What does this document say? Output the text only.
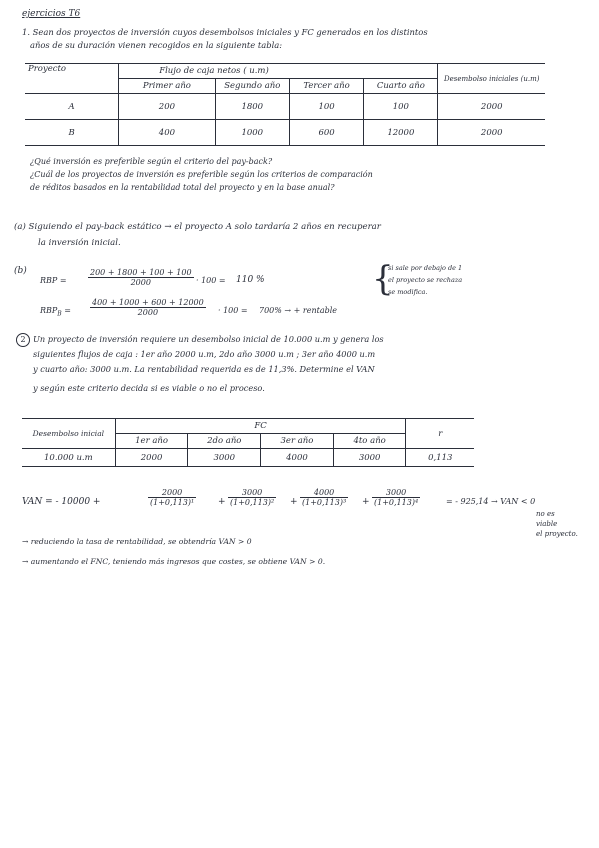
ejercicios T6
1. Sean dos proyectos de inversión cuyos desembolsos iniciales y FC generados en los distintos
años de su duración vienen recogidos en la siguiente tabla:
Proyecto	Flujo de caja netos ( u.m)				Desembolso iniciales (u.m)
	Primer año	Segundo año	Tercer año	Cuarto año	
A	200	1800	100	100	2000
B	400	1000	600	12000	2000
¿Qué inversión es preferible según el criterio del pay-back?
¿Cuál de los proyectos de inversión es preferible según los criterios de comparación
de réditos basados en la rentabilidad total del proyecto y en la base anual?
(a) Siguiendo el pay-back estático → el proyecto A solo tardaría 2 años en recuperar
la inversión inicial.
(b)
RBP =	$\frac{200 + 1800 + 100 + 100}{2000} \cdot 100 = 110$ %
$RBP_B = \frac{400 + 1000 + 600 + 12000}{2000} \cdot 100 = 700\%$ → + rentable
{
si sale por debajo de 1
el proyecto se rechaza
se modifica.
2 Un proyecto de inversión requiere un desembolso inicial de 10.000 u.m y genera los
siguientes flujos de caja : 1er año 2000 u.m, 2do año 3000 u.m ; 3er año 4000 u.m
y cuarto año: 3000 u.m. La rentabilidad requerida es de 11,3%. Determine el VAN
y según este criterio decida si es viable o no el proceso.
Desembolso inicial	FC				r
	1er año	2do año	3er año	4to año	
10.000 u.m	2000	3000	4000	3000	0,113
VAN = - 10000 +	$\frac{2000}{\text{(1+0,113)¹}} + \frac{3000}{\text{(1+0,113)²}} + \frac{4000}{\text{(1+0,113)³}} + \frac{3000}{\text{(1+0,113)⁴}}$	= - 925,14 → VAN < 0
no es
viable
el proyecto.
→ reduciendo la tasa de rentabilidad, se obtendría VAN > 0
→ aumentando el FNC, teniendo más ingresos que costes, se obtiene VAN > 0.
